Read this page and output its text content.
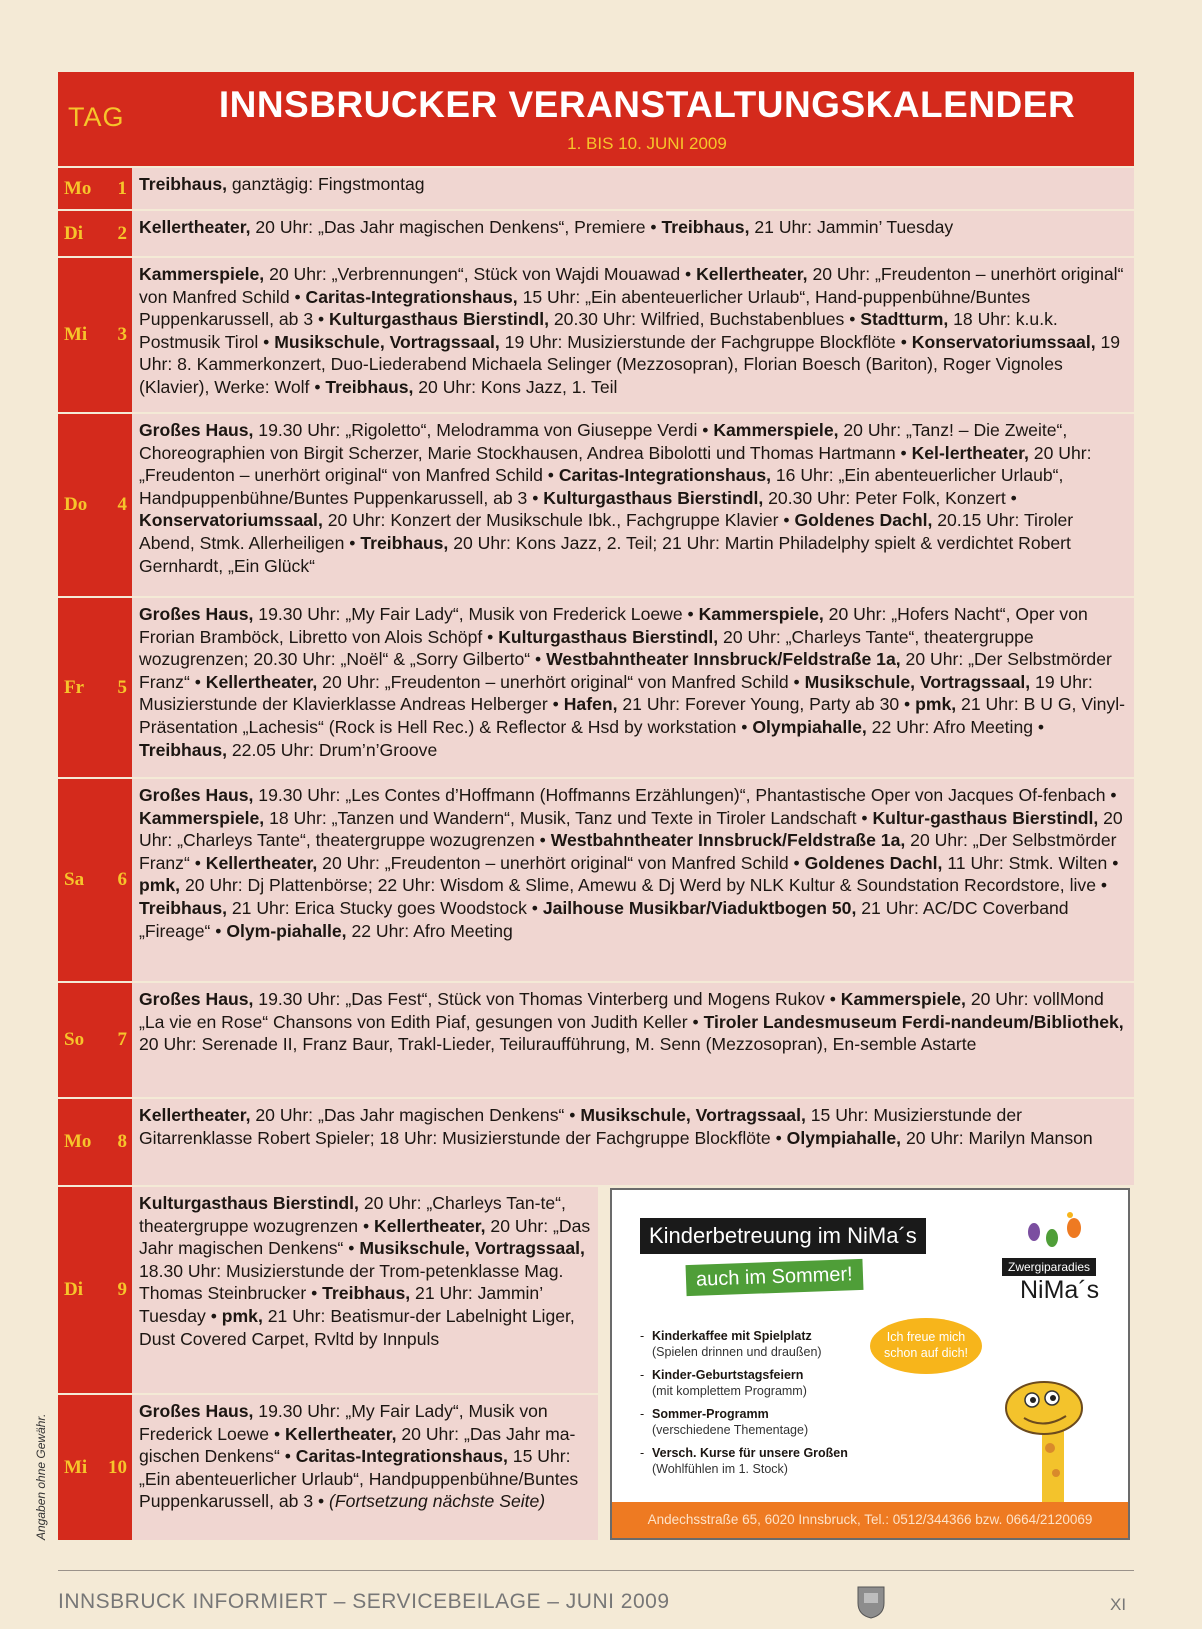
TAG	INNSBRUCKER VERANSTALTUNGSKALENDER
1. BIS 10. JUNI 2009
Mo 1 Treibhaus, ganztägig: Fingstmontag
Di 2 Kellertheater, 20 Uhr: „Das Jahr magischen Denkens“, Premiere • Treibhaus, 21 Uhr: Jammin’ Tuesday
Mi 3
Kammerspiele, 20 Uhr: „Verbrennungen“, Stück von Wajdi Mouawad • Kellertheater, 20 Uhr: „Freudenton – unerhört original“ von Manfred Schild • Caritas-Integrationshaus, 15 Uhr: „Ein abenteuerlicher Urlaub“, Hand-puppenbühne/Buntes Puppenkarussell, ab 3 • Kulturgasthaus Bierstindl, 20.30 Uhr: Wilfried, Buchstabenblues • Stadtturm, 18 Uhr: k.u.k. Postmusik Tirol • Musikschule, Vortragssaal, 19 Uhr: Musizierstunde der Fachgruppe Blockflöte • Konservatoriumssaal, 19 Uhr: 8. Kammerkonzert, Duo-Liederabend Michaela Selinger (Mezzosopran), Florian Boesch (Bariton), Roger Vignoles (Klavier), Werke: Wolf • Treibhaus, 20 Uhr: Kons Jazz, 1. Teil
Do 4
Großes Haus, 19.30 Uhr: „Rigoletto“, Melodramma von Giuseppe Verdi • Kammerspiele, 20 Uhr: „Tanz! – Die Zweite“, Choreographien von Birgit Scherzer, Marie Stockhausen, Andrea Bibolotti und Thomas Hartmann • Kel-lertheater, 20 Uhr: „Freudenton – unerhört original“ von Manfred Schild • Caritas-Integrationshaus, 16 Uhr: „Ein abenteuerlicher Urlaub“, Handpuppenbühne/Buntes Puppenkarussell, ab 3 • Kulturgasthaus Bierstindl, 20.30 Uhr: Peter Folk, Konzert • Konservatoriumssaal, 20 Uhr: Konzert der Musikschule Ibk., Fachgruppe Klavier • Goldenes Dachl, 20.15 Uhr: Tiroler Abend, Stmk. Allerheiligen • Treibhaus, 20 Uhr: Kons Jazz, 2. Teil; 21 Uhr: Martin Philadelphy spielt & verdichtet Robert Gernhardt, „Ein Glück“
Fr 5
Großes Haus, 19.30 Uhr: „My Fair Lady“, Musik von Frederick Loewe • Kammerspiele, 20 Uhr: „Hofers Nacht“, Oper von Frorian Bramböck, Libretto von Alois Schöpf • Kulturgasthaus Bierstindl, 20 Uhr: „Charleys Tante“, theatergruppe wozugrenzen; 20.30 Uhr: „Noël“ & „Sorry Gilberto“ • Westbahntheater Innsbruck/Feldstraße 1a, 20 Uhr: „Der Selbstmörder Franz“ • Kellertheater, 20 Uhr: „Freudenton – unerhört original“ von Manfred Schild • Musikschule, Vortragssaal, 19 Uhr: Musizierstunde der Klavierklasse Andreas Helberger • Hafen, 21 Uhr: Forever Young, Party ab 30 • pmk, 21 Uhr: B U G, Vinyl-Präsentation „Lachesis“ (Rock is Hell Rec.) & Reflector & Hsd by workstation • Olympiahalle, 22 Uhr: Afro Meeting • Treibhaus, 22.05 Uhr: Drum’n’Groove
Sa 6
Großes Haus, 19.30 Uhr: „Les Contes d’Hoffmann (Hoffmanns Erzählungen)“, Phantastische Oper von Jacques Of-fenbach • Kammerspiele, 18 Uhr: „Tanzen und Wandern“, Musik, Tanz und Texte in Tiroler Landschaft • Kultur-gasthaus Bierstindl, 20 Uhr: „Charleys Tante“, theatergruppe wozugrenzen • Westbahntheater Innsbruck/Feldstraße 1a, 20 Uhr: „Der Selbstmörder Franz“ • Kellertheater, 20 Uhr: „Freudenton – unerhört original“ von Manfred Schild • Goldenes Dachl, 11 Uhr: Stmk. Wilten • pmk, 20 Uhr: Dj Plattenbörse; 22 Uhr: Wisdom & Slime, Amewu & Dj Werd by NLK Kultur & Soundstation Recordstore, live • Treibhaus, 21 Uhr: Erica Stucky goes Woodstock • Jailhouse Musikbar/Viaduktbogen 50, 21 Uhr: AC/DC Coverband „Fireage“ • Olym-piahalle, 22 Uhr: Afro Meeting
So 7
Großes Haus, 19.30 Uhr: „Das Fest“, Stück von Thomas Vinterberg und Mogens Rukov • Kammerspiele, 20 Uhr: vollMond „La vie en Rose“ Chansons von Edith Piaf, gesungen von Judith Keller • Tiroler Landesmuseum Ferdi-nandeum/Bibliothek, 20 Uhr: Serenade II, Franz Baur, Trakl-Lieder, Teiluraufführung, M. Senn (Mezzosopran), En-semble Astarte
Mo 8
Kellertheater, 20 Uhr: „Das Jahr magischen Denkens“ • Musikschule, Vortragssaal, 15 Uhr: Musizierstunde der Gitarrenklasse Robert Spieler; 18 Uhr: Musizierstunde der Fachgruppe Blockflöte • Olympiahalle, 20 Uhr: Marilyn Manson
Di 9
Kulturgasthaus Bierstindl, 20 Uhr: „Charleys Tan-te“, theatergruppe wozugrenzen • Kellertheater, 20 Uhr: „Das Jahr magischen Denkens“ • Musikschule, Vortragssaal, 18.30 Uhr: Musizierstunde der Trom-petenklasse Mag. Thomas Steinbrucker • Treibhaus, 21 Uhr: Jammin’ Tuesday • pmk, 21 Uhr: Beatismur-der Labelnight Liger, Dust Covered Carpet, Rvltd by Innpuls
Mi 10
Großes Haus, 19.30 Uhr: „My Fair Lady“, Musik von Frederick Loewe • Kellertheater, 20 Uhr: „Das Jahr ma-gischen Denkens“ • Caritas-Integrationshaus, 15 Uhr: „Ein abenteuerlicher Urlaub“, Handpuppenbühne/Buntes Puppenkarussell, ab 3 • (Fortsetzung nächste Seite)
Kinderbetreuung im NiMa´s
auch im Sommer!	Zwergiparadies
NiMa´s
- Kinderkaffee mit Spielplatz
(Spielen drinnen und draußen)
- Kinder-Geburtstagsfeiern
(mit komplettem Programm)
- Sommer-Programm
(verschiedene Thementage)
- Versch. Kurse für unsere Großen
(Wohlfühlen im 1. Stock)
Ich freue mich schon auf dich!
Andechsstraße 65, 6020 Innsbruck, Tel.: 0512/344366 bzw. 0664/2120069
Angaben ohne Gewähr.
INNSBRUCK INFORMIERT – SERVICEBEILAGE – JUNI 2009	XI
